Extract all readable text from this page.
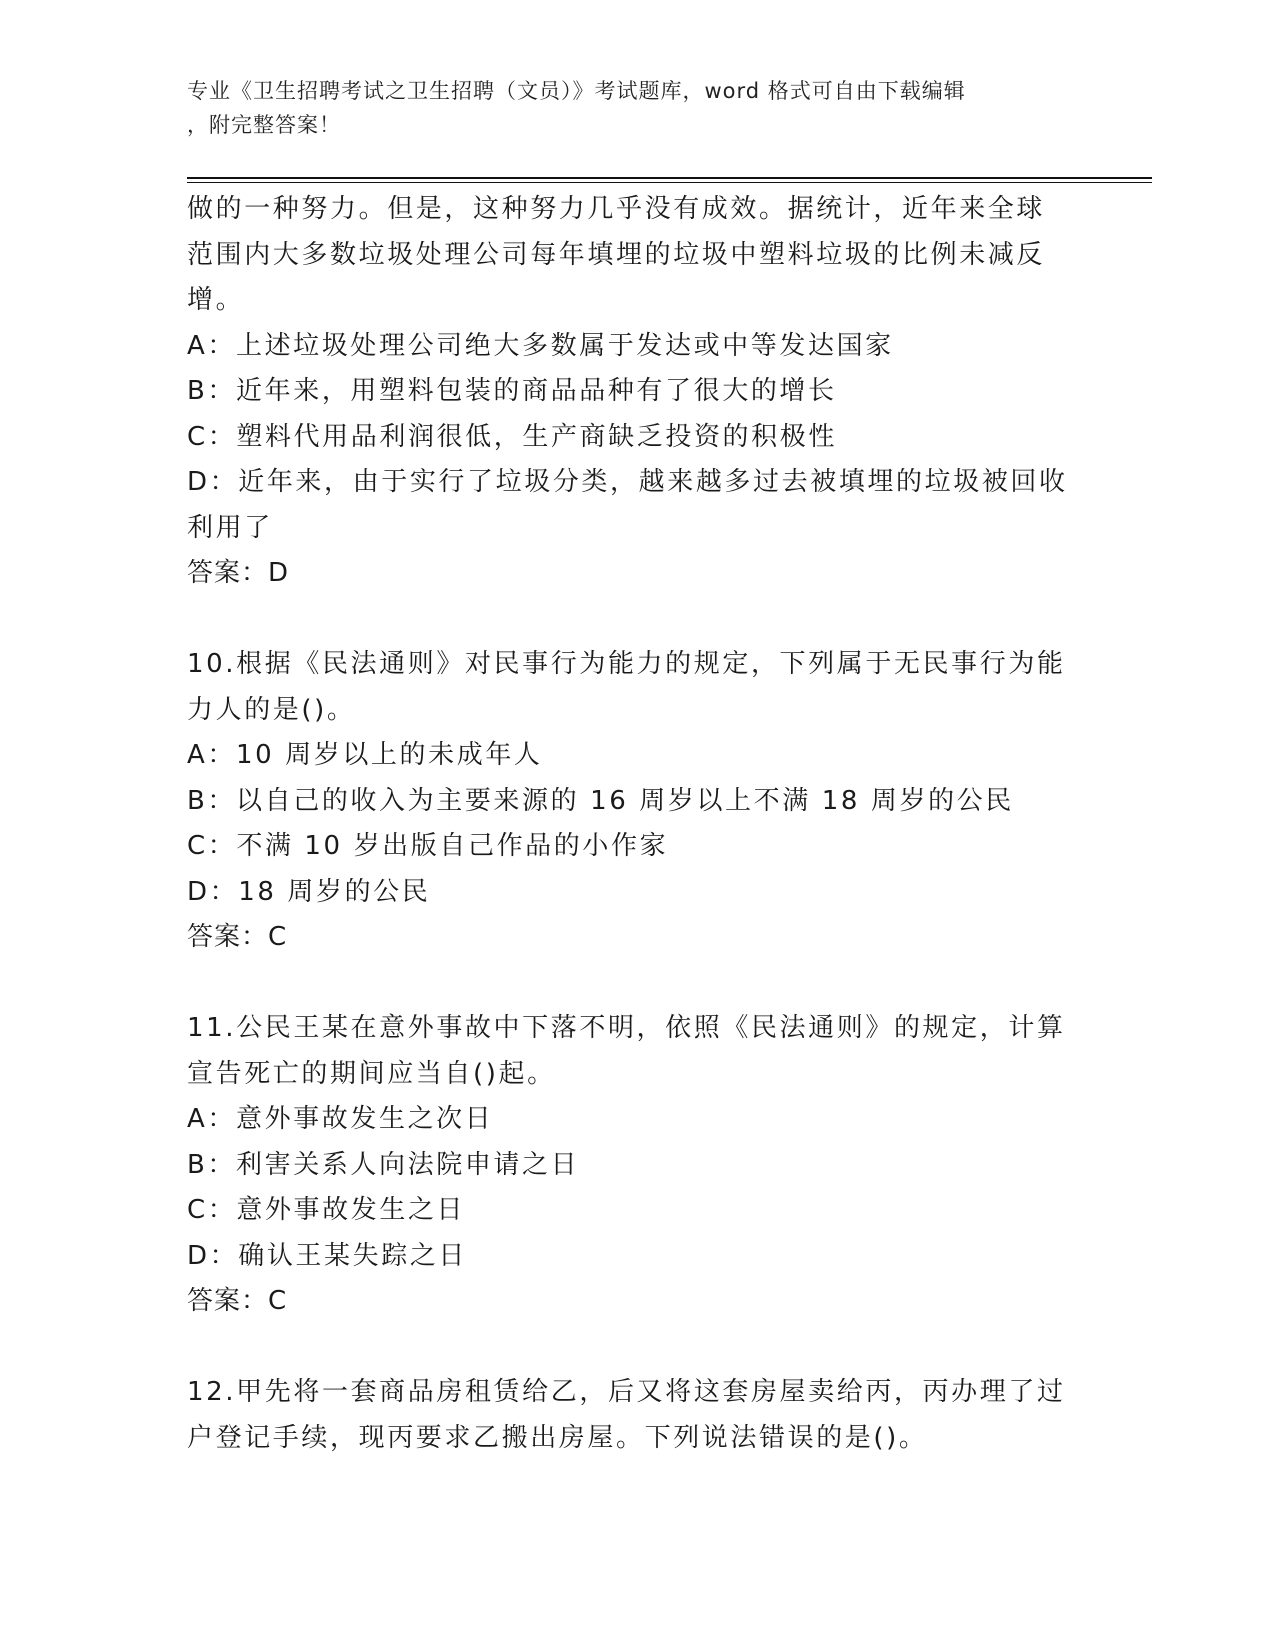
专业《卫生招聘考试之卫生招聘（文员）》考试题库，word 格式可自由下载编辑
，附完整答案！

做的一种努力。但是，这种努力几乎没有成效。据统计，近年来全球

范围内大多数垃圾处理公司每年填埋的垃圾中塑料垃圾的比例未减反

增。

A：上述垃圾处理公司绝大多数属于发达或中等发达国家

B：近年来，用塑料包装的商品品种有了很大的增长

C：塑料代用品利润很低，生产商缺乏投资的积极性

D：近年来，由于实行了垃圾分类，越来越多过去被填埋的垃圾被回收

利用了

答案：D

10.根据《民法通则》对民事行为能力的规定，下列属于无民事行为能

力人的是()。

A：10 周岁以上的未成年人

B：以自己的收入为主要来源的 16 周岁以上不满 18 周岁的公民

C：不满 10 岁出版自己作品的小作家

D：18 周岁的公民

答案：C

11.公民王某在意外事故中下落不明，依照《民法通则》的规定，计算

宣告死亡的期间应当自()起。

A：意外事故发生之次日

B：利害关系人向法院申请之日

C：意外事故发生之日

D：确认王某失踪之日

答案：C

12.甲先将一套商品房租赁给乙，后又将这套房屋卖给丙，丙办理了过

户登记手续，现丙要求乙搬出房屋。下列说法错误的是()。
